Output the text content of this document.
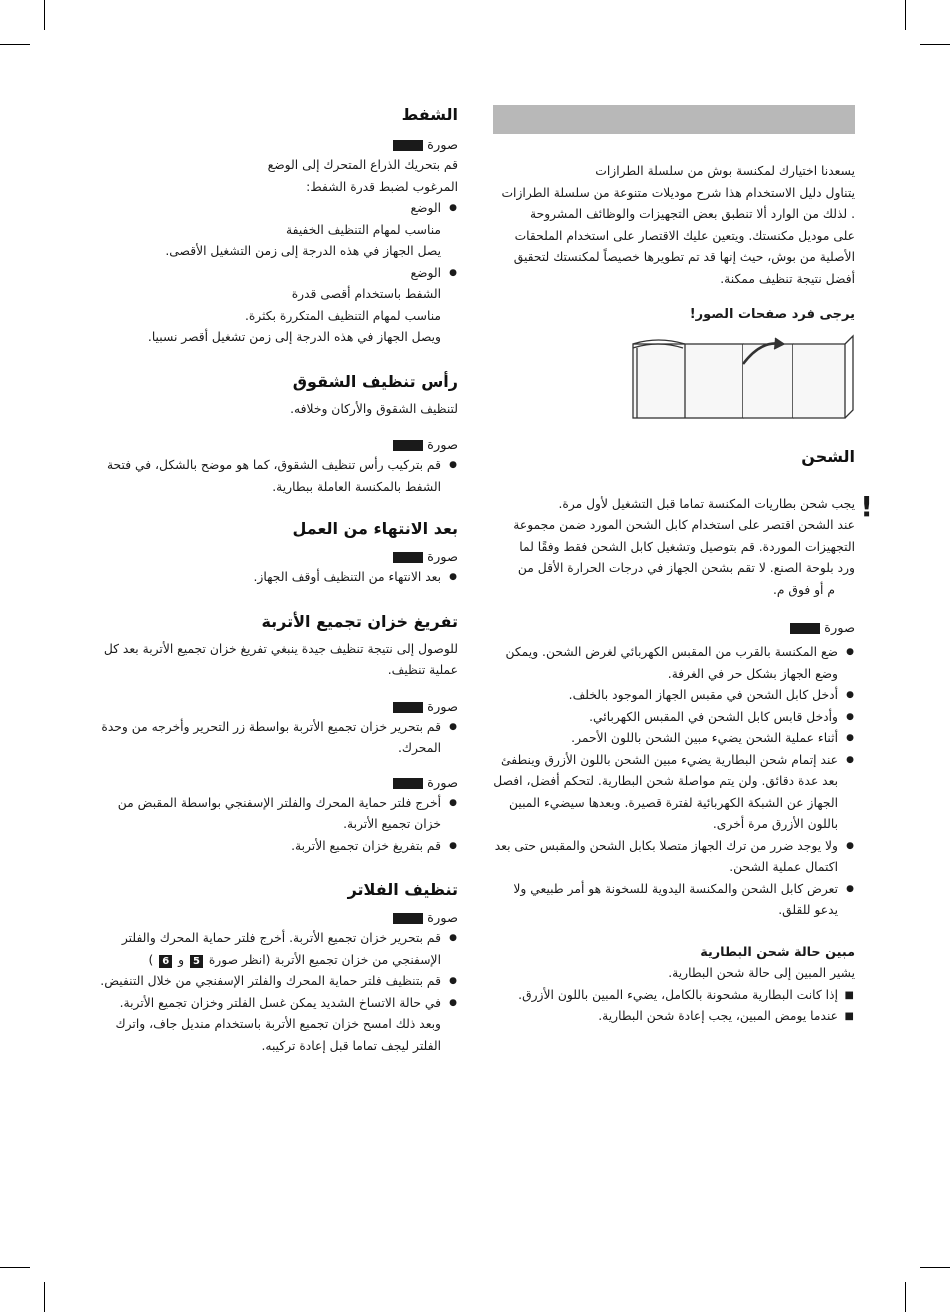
يسعدنا اختيارك لمكنسة بوش من سلسلة الطرازات

يتناول دليل الاستخدام هذا شرح موديلات متنوعة من سلسلة الطرازات

. لذلك من الوارد ألا تنطبق بعض التجهيزات والوظائف المشروحة

على موديل مكنستك. ويتعين عليك الاقتصار على استخدام الملحقات

الأصلية من بوش، حيث إنها قد تم تطويرها خصيصاً لمكنستك لتحقيق

أفضل نتيجة تنظيف ممكنة.

يرجى فرد صفحات الصور!

الشحن
!

يجب شحن بطاريات المكنسة تماما قبل التشغيل لأول مرة.

عند الشحن اقتصر على استخدام كابل الشحن المورد ضمن مجموعة

التجهيزات الموردة. قم بتوصيل وتشغيل كابل الشحن فقط وفقًا لما

ورد بلوحة الصنع. لا تقم بشحن الجهاز في درجات الحرارة الأقل من

م أو فوق م.

صورة
● ضع المكنسة بالقرب من المقبس الكهربائي لغرض الشحن. ويمكن وضع الجهاز بشكل حر في الغرفة.
● أدخل كابل الشحن في مقبس الجهاز الموجود بالخلف.
● وأدخل قابس كابل الشحن في المقبس الكهربائي.
● أثناء عملية الشحن يضيء مبين الشحن باللون الأحمر.
● عند إتمام شحن البطارية يضيء مبين الشحن باللون الأزرق وينطفئ بعد عدة دقائق. ولن يتم مواصلة شحن البطارية. لتحكم أفضل، افصل الجهاز عن الشبكة الكهربائية لفترة قصيرة. وبعدها سيضيء المبين باللون الأزرق مرة أخرى.
● ولا يوجد ضرر من ترك الجهاز متصلا بكابل الشحن والمقبس حتى بعد اكتمال عملية الشحن.
● تعرض كابل الشحن والمكنسة اليدوية للسخونة هو أمر طبيعي ولا يدعو للقلق.

مبين حالة شحن البطارية

يشير المبين إلى حالة شحن البطارية.

■ إذا كانت البطارية مشحونة بالكامل، يضيء المبين باللون الأزرق.
■ عندما يومض المبين، يجب إعادة شحن البطارية.
الشفط
صورة

قم بتحريك الذراع المتحرك إلى الوضع

المرغوب لضبط قدرة الشفط:

● الوضع

مناسب لمهام التنظيف الخفيفة

يصل الجهاز في هذه الدرجة إلى زمن التشغيل الأقصى.

● الوضع

الشفط باستخدام أقصى قدرة

مناسب لمهام التنظيف المتكررة بكثرة.

ويصل الجهاز في هذه الدرجة إلى زمن تشغيل أقصر نسبيا.

رأس تنظيف الشقوق

لتنظيف الشقوق والأركان وخلافه.

صورة
● قم بتركيب رأس تنظيف الشقوق، كما هو موضح بالشكل، في فتحة الشفط بالمكنسة العاملة ببطارية.
بعد الانتهاء من العمل
صورة
● بعد الانتهاء من التنظيف أوقف الجهاز.
تفريغ خزان تجميع الأتربة

للوصول إلى نتيجة تنظيف جيدة ينبغي تفريغ خزان تجميع الأتربة بعد كل عملية تنظيف.

صورة
● قم بتحرير خزان تجميع الأتربة بواسطة زر التحرير وأخرجه من وحدة المحرك.
صورة
● أخرج فلتر حماية المحرك والفلتر الإسفنجي بواسطة المقبض من خزان تجميع الأتربة.
● قم بتفريغ خزان تجميع الأتربة.
تنظيف الفلاتر
صورة
● قم بتحرير خزان تجميع الأتربة. أخرج فلتر حماية المحرك والفلتر الإسفنجي من خزان تجميع الأتربة (انظر صورة 5 و 6 )
● قم بتنظيف فلتر حماية المحرك والفلتر الإسفنجي من خلال التنفيض.
● في حالة الاتساخ الشديد يمكن غسل الفلتر وخزان تجميع الأتربة.

وبعد ذلك امسح خزان تجميع الأتربة باستخدام منديل جاف، واترك الفلتر ليجف تماما قبل إعادة تركيبه.
